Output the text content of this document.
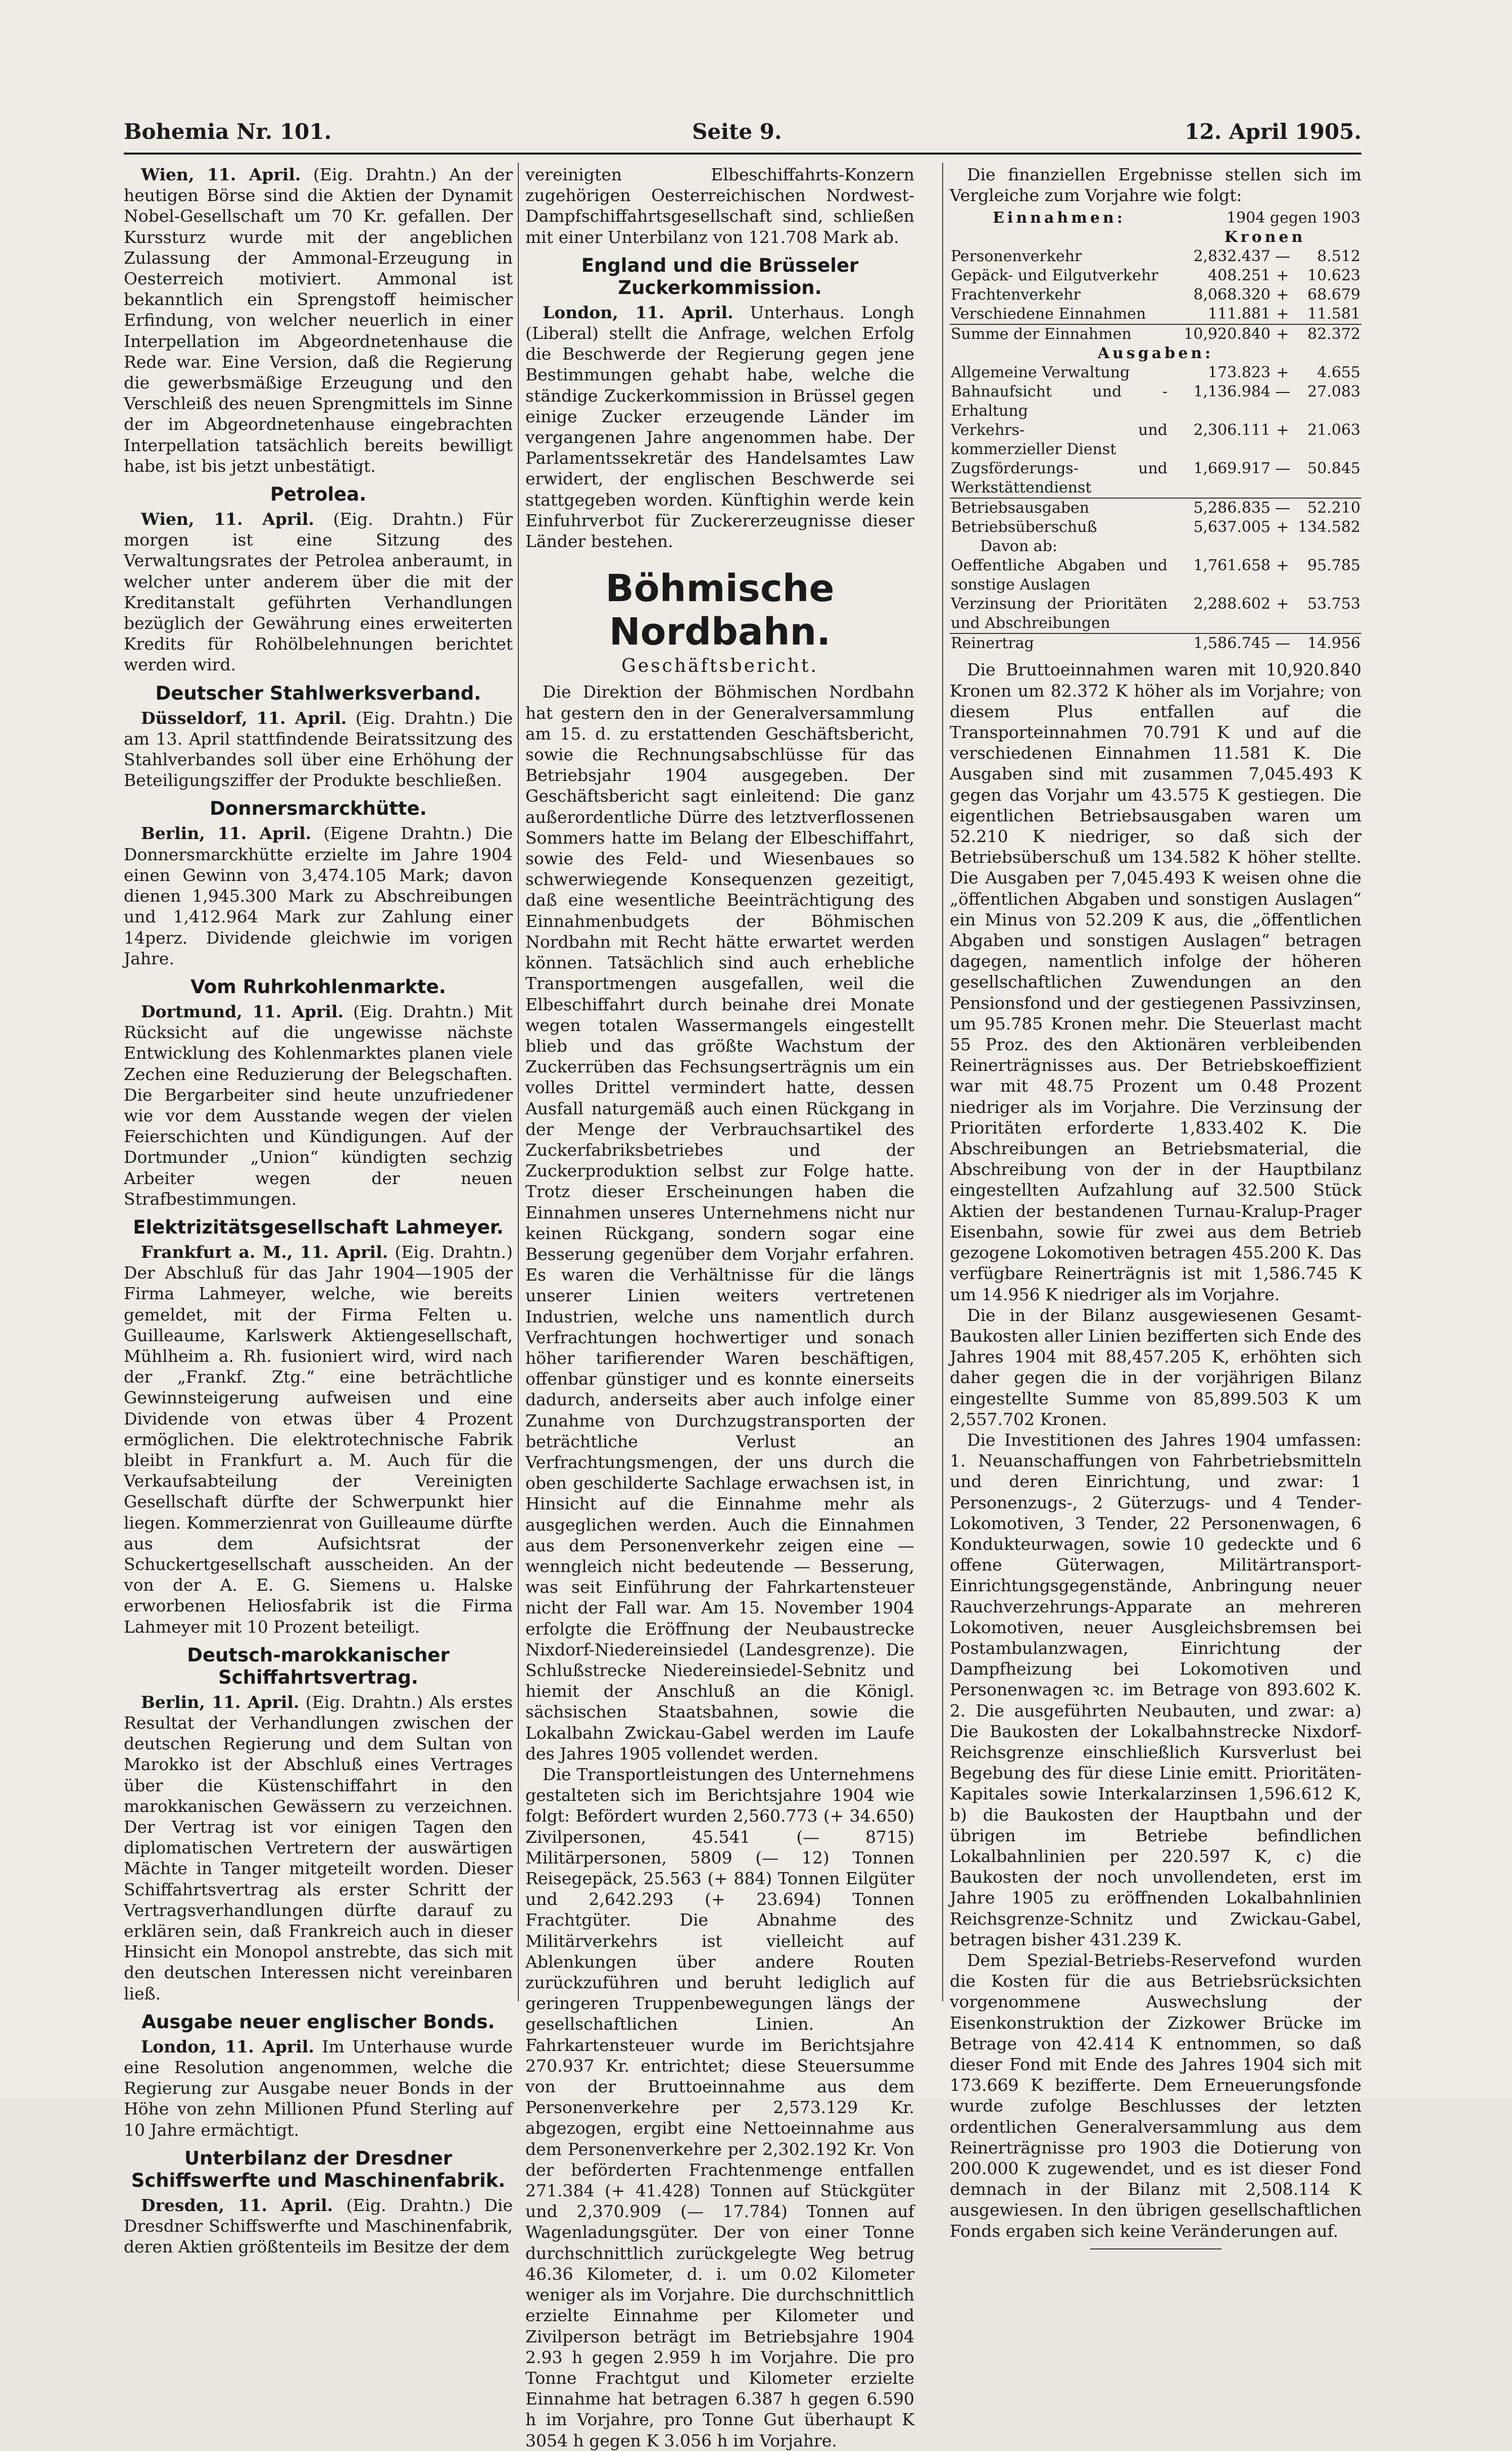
Bohemia Nr. 101.	Seite 9.	12. April 1905.

Wien, 11. April. (Eig. Drahtn.) An der heutigen Börse sind die Aktien der Dynamit Nobel-Gesellschaft um 70 Kr. gefallen. Der Kurssturz wurde mit der angeblichen Zulassung der Ammonal-Erzeugung in Oesterreich motiviert. Ammonal ist bekanntlich ein Sprengstoff heimischer Erfindung, von welcher neuerlich in einer Interpellation im Abgeordnetenhause die Rede war. Eine Version, daß die Regierung die gewerbsmäßige Erzeugung und den Verschleiß des neuen Sprengmittels im Sinne der im Abgeordnetenhause eingebrachten Interpellation tatsächlich bereits bewilligt habe, ist bis jetzt unbestätigt.

Petrolea.

Wien, 11. April. (Eig. Drahtn.) Für morgen ist eine Sitzung des Verwaltungsrates der Petrolea anberaumt, in welcher unter anderem über die mit der Kreditanstalt geführten Verhandlungen bezüglich der Gewährung eines erweiterten Kredits für Rohölbelehnungen berichtet werden wird.

Deutscher Stahlwerksverband.

Düsseldorf, 11. April. (Eig. Drahtn.) Die am 13. April stattfindende Beiratssitzung des Stahlverbandes soll über eine Erhöhung der Beteiligungsziffer der Produkte beschließen.

Donnersmarckhütte.

Berlin, 11. April. (Eigene Drahtn.) Die Donnersmarckhütte erzielte im Jahre 1904 einen Gewinn von 3,474.105 Mark; davon dienen 1,945.300 Mark zu Abschreibungen und 1,412.964 Mark zur Zahlung einer 14perz. Dividende gleichwie im vorigen Jahre.

Vom Ruhrkohlenmarkte.

Dortmund, 11. April. (Eig. Drahtn.) Mit Rücksicht auf die ungewisse nächste Entwicklung des Kohlenmarktes planen viele Zechen eine Reduzierung der Belegschaften. Die Bergarbeiter sind heute unzufriedener wie vor dem Ausstande wegen der vielen Feierschichten und Kündigungen. Auf der Dortmunder „Union“ kündigten sechzig Arbeiter wegen der neuen Strafbestimmungen.

Elektrizitätsgesellschaft Lahmeyer.

Frankfurt a. M., 11. April. (Eig. Drahtn.) Der Abschluß für das Jahr 1904—1905 der Firma Lahmeyer, welche, wie bereits gemeldet, mit der Firma Felten u. Guilleaume, Karlswerk Aktiengesellschaft, Mühlheim a. Rh. fusioniert wird, wird nach der „Frankf. Ztg.“ eine beträchtliche Gewinnsteigerung aufweisen und eine Dividende von etwas über 4 Prozent ermöglichen. Die elektrotechnische Fabrik bleibt in Frankfurt a. M. Auch für die Verkaufsabteilung der Vereinigten Gesellschaft dürfte der Schwerpunkt hier liegen. Kommerzienrat von Guilleaume dürfte aus dem Aufsichtsrat der Schuckertgesellschaft ausscheiden. An der von der A. E. G. Siemens u. Halske erworbenen Heliosfabrik ist die Firma Lahmeyer mit 10 Prozent beteiligt.

Deutsch-marokkanischer Schiffahrtsvertrag.

Berlin, 11. April. (Eig. Drahtn.) Als erstes Resultat der Verhandlungen zwischen der deutschen Regierung und dem Sultan von Marokko ist der Abschluß eines Vertrages über die Küstenschiffahrt in den marokkanischen Gewässern zu verzeichnen. Der Vertrag ist vor einigen Tagen den diplomatischen Vertretern der auswärtigen Mächte in Tanger mitgeteilt worden. Dieser Schiffahrtsvertrag als erster Schritt der Vertragsverhandlungen dürfte darauf zu erklären sein, daß Frankreich auch in dieser Hinsicht ein Monopol anstrebte, das sich mit den deutschen Interessen nicht vereinbaren ließ.

Ausgabe neuer englischer Bonds.

London, 11. April. Im Unterhause wurde eine Resolution angenommen, welche die Regierung zur Ausgabe neuer Bonds in der Höhe von zehn Millionen Pfund Sterling auf 10 Jahre ermächtigt.

Unterbilanz der Dresdner Schiffswerfte und Maschinenfabrik.

Dresden, 11. April. (Eig. Drahtn.) Die Dresdner Schiffswerfte und Maschinenfabrik, deren Aktien größtenteils im Besitze der dem

vereinigten Elbeschiffahrts-Konzern zugehörigen Oesterreichischen Nordwest-Dampfschiffahrtsgesellschaft sind, schließen mit einer Unterbilanz von 121.708 Mark ab.

England und die Brüsseler Zuckerkommission.

London, 11. April. Unterhaus. Longh (Liberal) stellt die Anfrage, welchen Erfolg die Beschwerde der Regierung gegen jene Bestimmungen gehabt habe, welche die ständige Zuckerkommission in Brüssel gegen einige Zucker erzeugende Länder im vergangenen Jahre angenommen habe. Der Parlamentssekretär des Handelsamtes Law erwidert, der englischen Beschwerde sei stattgegeben worden. Künftighin werde kein Einfuhrverbot für Zuckererzeugnisse dieser Länder bestehen.

Böhmische Nordbahn.
Geschäftsbericht.

Die Direktion der Böhmischen Nordbahn hat gestern den in der Generalversammlung am 15. d. zu erstattenden Geschäftsbericht, sowie die Rechnungsabschlüsse für das Betriebsjahr 1904 ausgegeben. Der Geschäftsbericht sagt einleitend: Die ganz außerordentliche Dürre des letztverflossenen Sommers hatte im Belang der Elbeschiffahrt, sowie des Feld- und Wiesenbaues so schwerwiegende Konsequenzen gezeitigt, daß eine wesentliche Beeinträchtigung des Einnahmenbudgets der Böhmischen Nordbahn mit Recht hätte erwartet werden können. Tatsächlich sind auch erhebliche Transportmengen ausgefallen, weil die Elbeschiffahrt durch beinahe drei Monate wegen totalen Wassermangels eingestellt blieb und das größte Wachstum der Zuckerrüben das Fechsungserträgnis um ein volles Drittel vermindert hatte, dessen Ausfall naturgemäß auch einen Rückgang in der Menge der Verbrauchsartikel des Zuckerfabriksbetriebes und der Zuckerproduktion selbst zur Folge hatte. Trotz dieser Erscheinungen haben die Einnahmen unseres Unternehmens nicht nur keinen Rückgang, sondern sogar eine Besserung gegenüber dem Vorjahr erfahren. Es waren die Verhältnisse für die längs unserer Linien weiters vertretenen Industrien, welche uns namentlich durch Verfrachtungen hochwertiger und sonach höher tarifierender Waren beschäftigen, offenbar günstiger und es konnte einerseits dadurch, anderseits aber auch infolge einer Zunahme von Durchzugstransporten der beträchtliche Verlust an Verfrachtungsmengen, der uns durch die oben geschilderte Sachlage erwachsen ist, in Hinsicht auf die Einnahme mehr als ausgeglichen werden. Auch die Einnahmen aus dem Personenverkehr zeigen eine — wenngleich nicht bedeutende — Besserung, was seit Einführung der Fahrkartensteuer nicht der Fall war. Am 15. November 1904 erfolgte die Eröffnung der Neubaustrecke Nixdorf-Niedereinsiedel (Landesgrenze). Die Schlußstrecke Niedereinsiedel-Sebnitz und hiemit der Anschluß an die Königl. sächsischen Staatsbahnen, sowie die Lokalbahn Zwickau-Gabel werden im Laufe des Jahres 1905 vollendet werden.

Die Transportleistungen des Unternehmens gestalteten sich im Berichtsjahre 1904 wie folgt: Befördert wurden 2,560.773 (+ 34.650) Zivilpersonen, 45.541 (— 8715) Militärpersonen, 5809 (— 12) Tonnen Reisegepäck, 25.563 (+ 884) Tonnen Eilgüter und 2,642.293 (+ 23.694) Tonnen Frachtgüter. Die Abnahme des Militärverkehrs ist vielleicht auf Ablenkungen über andere Routen zurückzuführen und beruht lediglich auf geringeren Truppenbewegungen längs der gesellschaftlichen Linien. An Fahrkartensteuer wurde im Berichtsjahre 270.937 Kr. entrichtet; diese Steuersumme von der Bruttoeinnahme aus dem Personenverkehre per 2,573.129 Kr. abgezogen, ergibt eine Nettoeinnahme aus dem Personenverkehre per 2,302.192 Kr. Von der beförderten Frachtenmenge entfallen 271.384 (+ 41.428) Tonnen auf Stückgüter und 2,370.909 (— 17.784) Tonnen auf Wagenladungsgüter. Der von einer Tonne durchschnittlich zurückgelegte Weg betrug 46.36 Kilometer, d. i. um 0.02 Kilometer weniger als im Vorjahre. Die durchschnittlich erzielte Einnahme per Kilometer und Zivilperson beträgt im Betriebsjahre 1904 2.93 h gegen 2.959 h im Vorjahre. Die pro Tonne Frachtgut und Kilometer erzielte Einnahme hat betragen 6.387 h gegen 6.590 h im Vorjahre, pro Tonne Gut überhaupt K 3054 h gegen K 3.056 h im Vorjahre.

Die finanziellen Ergebnisse stellen sich im Vergleiche zum Vorjahre wie folgt:

Einnahmen:	1904 gegen 1903		
	Kronen		
Personenverkehr	2,832.437	—	8.512
Gepäck- und Eilgutverkehr	408.251	+	10.623
Frachtenverkehr	8,068.320	+	68.679
Verschiedene Einnahmen	111.881	+	11.581
Summe der Einnahmen	10,920.840	+	82.372
Ausgaben:			
Allgemeine Verwaltung	173.823	+	4.655
Bahnaufsicht und -Erhaltung	1,136.984	—	27.083
Verkehrs- und kommerzieller Dienst	2,306.111	+	21.063
Zugsförderungs- und Werkstättendienst	1,669.917	—	50.845
Betriebsausgaben	5,286.835	—	52.210
Betriebsüberschuß	5,637.005	+	134.582
Davon ab:			
Oeffentliche Abgaben und sonstige Auslagen	1,761.658	+	95.785
Verzinsung der Prioritäten und Abschreibungen	2,288.602	+	53.753
Reinertrag	1,586.745	—	14.956

Die Bruttoeinnahmen waren mit 10,920.840 Kronen um 82.372 K höher als im Vorjahre; von diesem Plus entfallen auf die Transporteinnahmen 70.791 K und auf die verschiedenen Einnahmen 11.581 K. Die Ausgaben sind mit zusammen 7,045.493 K gegen das Vorjahr um 43.575 K gestiegen. Die eigentlichen Betriebsausgaben waren um 52.210 K niedriger, so daß sich der Betriebsüberschuß um 134.582 K höher stellte. Die Ausgaben per 7,045.493 K weisen ohne die „öffentlichen Abgaben und sonstigen Auslagen“ ein Minus von 52.209 K aus, die „öffentlichen Abgaben und sonstigen Auslagen“ betragen dagegen, namentlich infolge der höheren gesellschaftlichen Zuwendungen an den Pensionsfond und der gestiegenen Passivzinsen, um 95.785 Kronen mehr. Die Steuerlast macht 55 Proz. des den Aktionären verbleibenden Reinerträgnisses aus. Der Betriebskoeffizient war mit 48.75 Prozent um 0.48 Prozent niedriger als im Vorjahre. Die Verzinsung der Prioritäten erforderte 1,833.402 K. Die Abschreibungen an Betriebsmaterial, die Abschreibung von der in der Hauptbilanz eingestellten Aufzahlung auf 32.500 Stück Aktien der bestandenen Turnau-Kralup-Prager Eisenbahn, sowie für zwei aus dem Betrieb gezogene Lokomotiven betragen 455.200 K. Das verfügbare Reinerträgnis ist mit 1,586.745 K um 14.956 K niedriger als im Vorjahre.

Die in der Bilanz ausgewiesenen Gesamt-Baukosten aller Linien bezifferten sich Ende des Jahres 1904 mit 88,457.205 K, erhöhten sich daher gegen die in der vorjährigen Bilanz eingestellte Summe von 85,899.503 K um 2,557.702 Kronen.

Die Investitionen des Jahres 1904 umfassen: 1. Neuanschaffungen von Fahrbetriebsmitteln und deren Einrichtung, und zwar: 1 Personenzugs-, 2 Güterzugs- und 4 Tender-Lokomotiven, 3 Tender, 22 Personenwagen, 6 Kondukteurwagen, sowie 10 gedeckte und 6 offene Güterwagen, Militärtransport-Einrichtungsgegenstände, Anbringung neuer Rauchverzehrungs-Apparate an mehreren Lokomotiven, neuer Ausgleichsbremsen bei Postambulanzwagen, Einrichtung der Dampfheizung bei Lokomotiven und Personenwagen ꝛc. im Betrage von 893.602 K. 2. Die ausgeführten Neubauten, und zwar: a) Die Baukosten der Lokalbahnstrecke Nixdorf-Reichsgrenze einschließlich Kursverlust bei Begebung des für diese Linie emitt. Prioritäten-Kapitales sowie Interkalarzinsen 1,596.612 K, b) die Baukosten der Hauptbahn und der übrigen im Betriebe befindlichen Lokalbahnlinien per 220.597 K, c) die Baukosten der noch unvollendeten, erst im Jahre 1905 zu eröffnenden Lokalbahnlinien Reichsgrenze-Schnitz und Zwickau-Gabel, betragen bisher 431.239 K.

Dem Spezial-Betriebs-Reservefond wurden die Kosten für die aus Betriebsrücksichten vorgenommene Auswechslung der Eisenkonstruktion der Zizkower Brücke im Betrage von 42.414 K entnommen, so daß dieser Fond mit Ende des Jahres 1904 sich mit 173.669 K bezifferte. Dem Erneuerungsfonde wurde zufolge Beschlusses der letzten ordentlichen Generalversammlung aus dem Reinerträgnisse pro 1903 die Dotierung von 200.000 K zugewendet, und es ist dieser Fond demnach in der Bilanz mit 2,508.114 K ausgewiesen. In den übrigen gesellschaftlichen Fonds ergaben sich keine Veränderungen auf.
